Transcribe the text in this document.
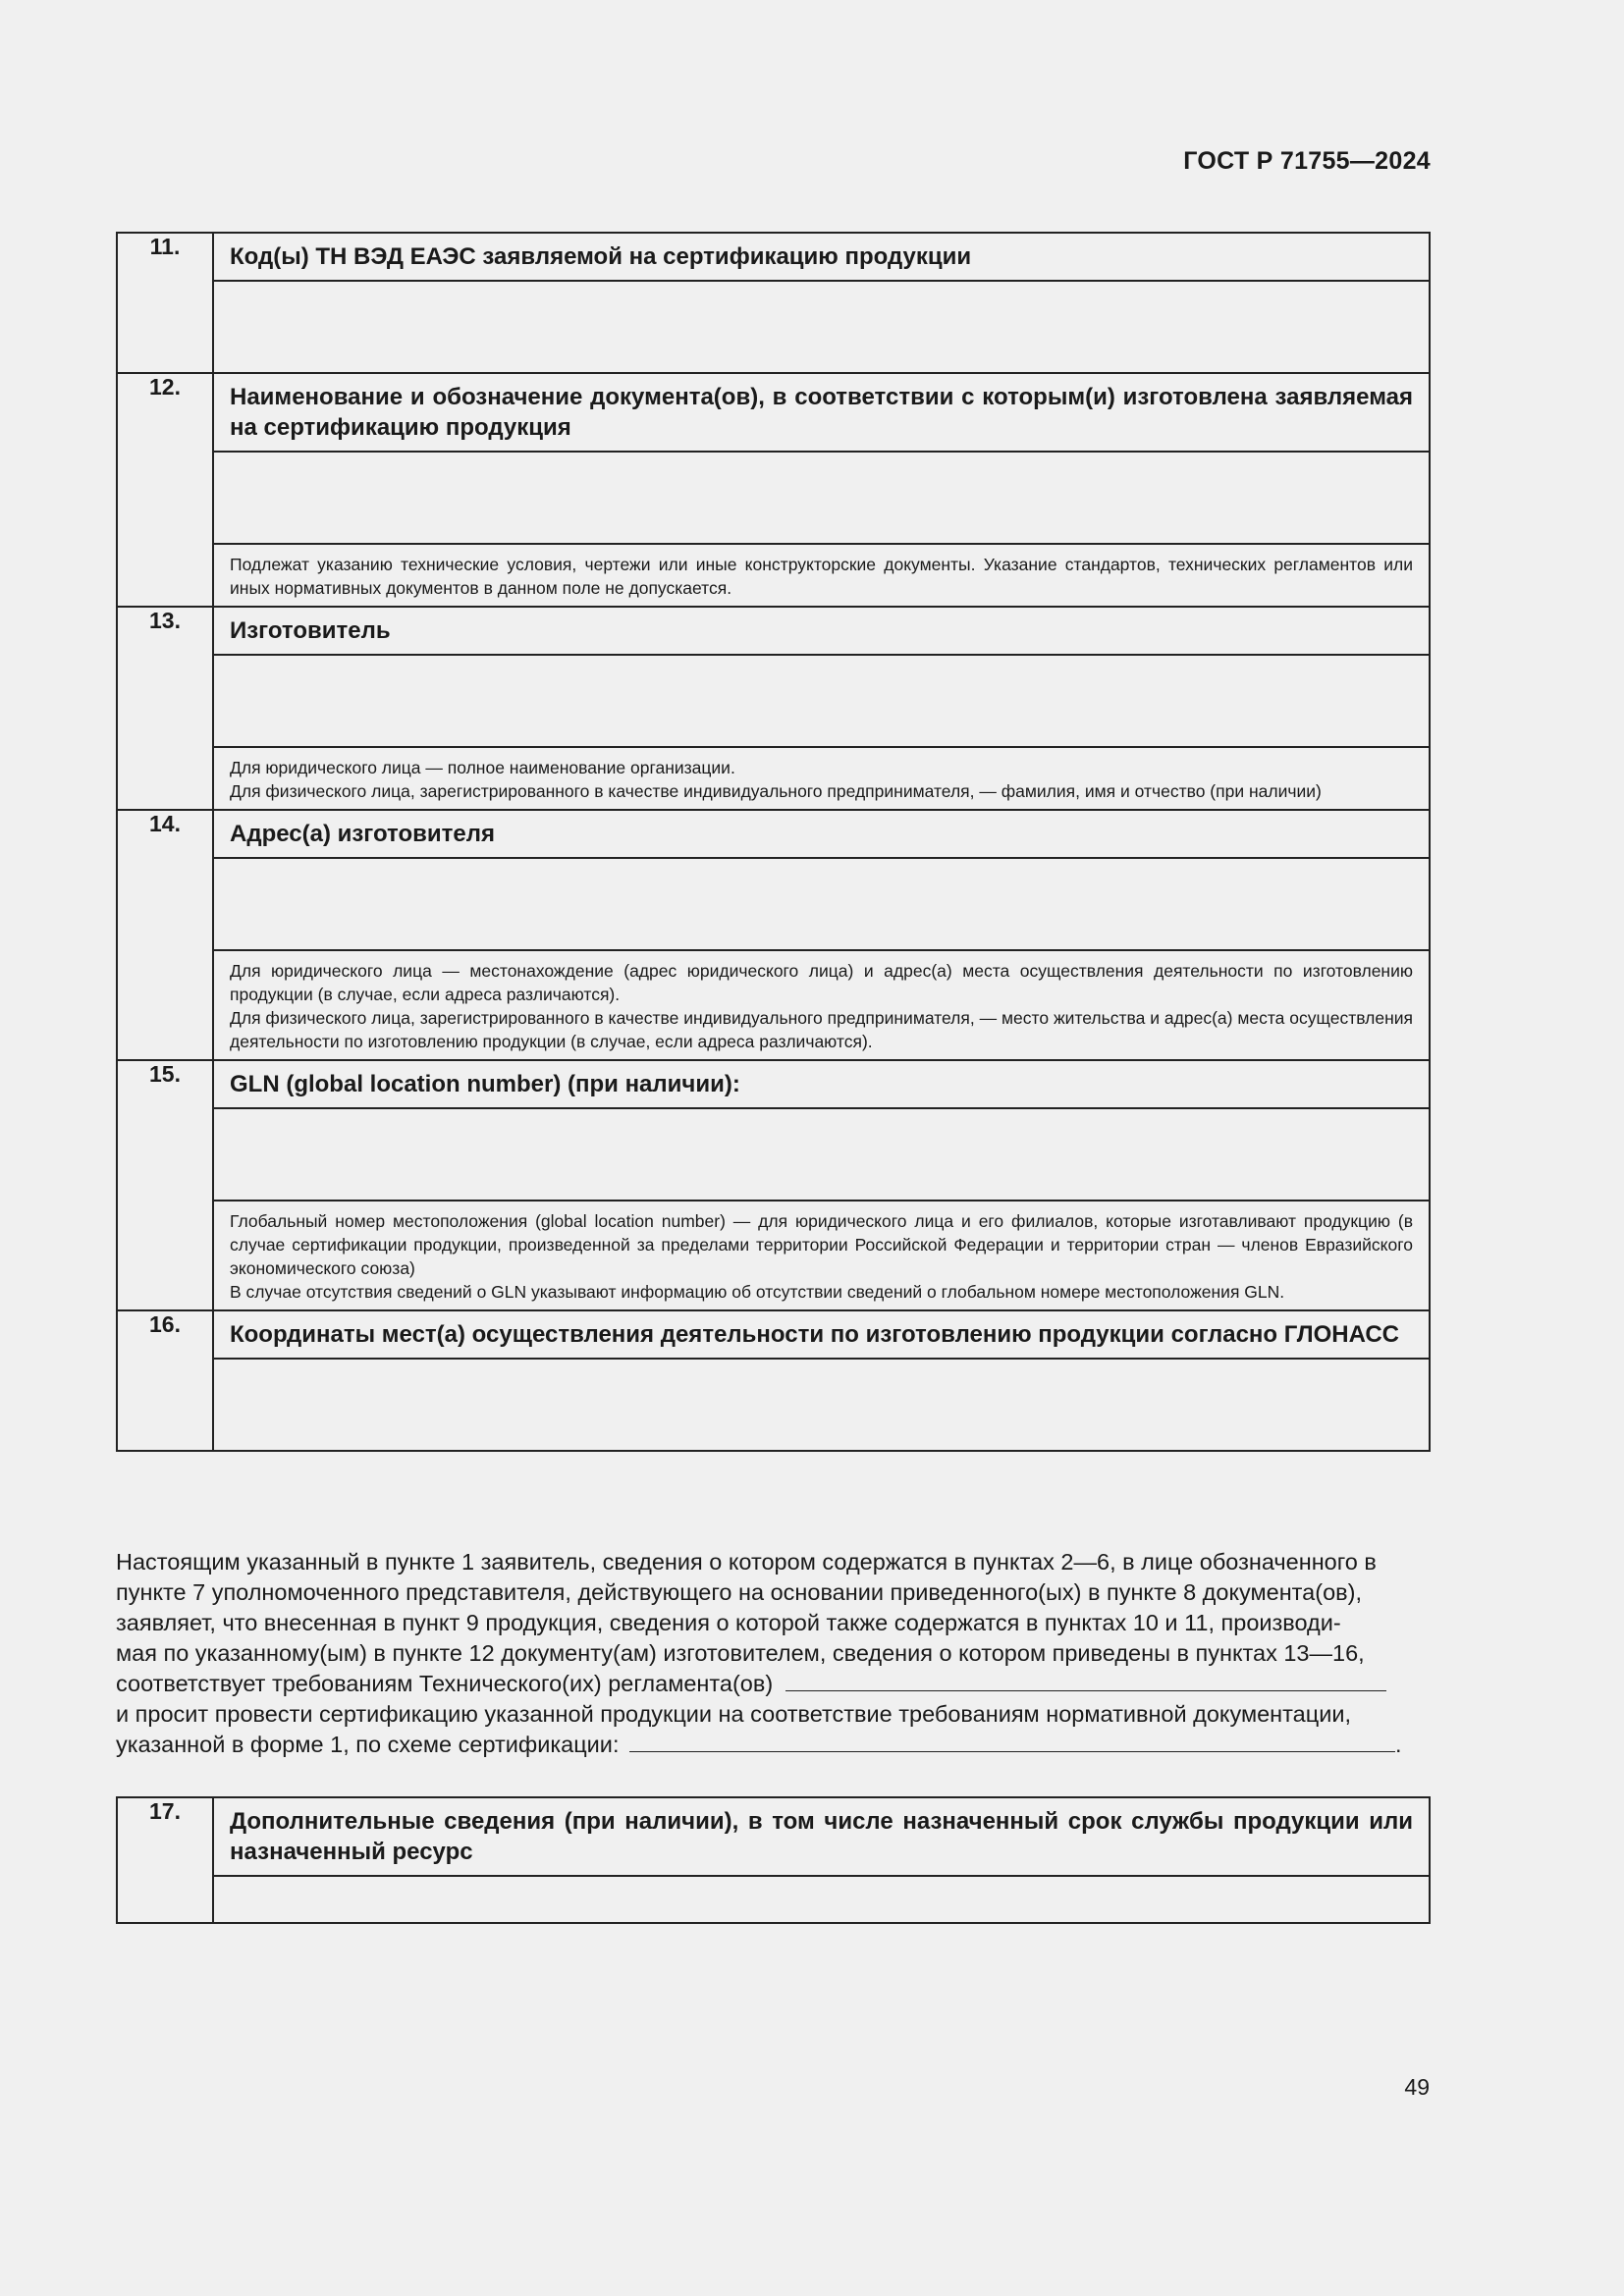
ГОСТ Р 71755—2024
11.	Код(ы) ТН ВЭД ЕАЭС заявляемой на сертификацию продукции

12.	Наименование и обозначение документа(ов), в соответствии с которым(и) изготовлена заявляемая на сертификацию продукция

	Подлежат указанию технические условия, чертежи или иные конструкторские документы. Указание стандартов, технических регламентов или иных нормативных документов в данном поле не допускается.

13.	Изготовитель

	Для юридического лица — полное наименование организации.
Для физического лица, зарегистрированного в качестве индивидуального предпринимателя, — фамилия, имя и отчество (при наличии)

14.	Адрес(а) изготовителя

	Для юридического лица — местонахождение (адрес юридического лица) и адрес(а) места осуществления деятельности по изготовлению продукции (в случае, если адреса различаются).
Для физического лица, зарегистрированного в качестве индивидуального предпринимателя, — место жительства и адрес(а) места осуществления деятельности по изготовлению продукции (в случае, если адреса различаются).

15.	GLN (global location number) (при наличии):

	Глобальный номер местоположения (global location number) — для юридического лица и его филиалов, которые изготавливают продукцию (в случае сертификации продукции, произведенной за пределами территории Российской Федерации и территории стран — членов Евразийского экономического союза)
В случае отсутствия сведений о GLN указывают информацию об отсутствии сведений о глобальном номере местоположения GLN.

16.	Координаты мест(а) осуществления деятельности по изготовлению продукции согласно ГЛОНАСС

Настоящим указанный в пункте 1 заявитель, сведения о котором содержатся в пунктах 2—6, в лице обозначенного в
пункте 7 уполномоченного представителя, действующего на основании приведенного(ых) в пункте 8 документа(ов),
заявляет, что внесенная в пункт 9 продукция, сведения о которой также содержатся в пунктах 10 и 11, производи-
мая по указанному(ым) в пункте 12 документу(ам) изготовителем, сведения о котором приведены в пунктах 13—16,
соответствует требованиям Технического(их) регламента(ов)
и просит провести сертификацию указанной продукции на соответствие требованиям нормативной документации,
указанной в форме 1, по схеме сертификации:	.
17.	Дополнительные сведения (при наличии), в том числе назначенный срок службы продукции или назначенный ресурс

49
